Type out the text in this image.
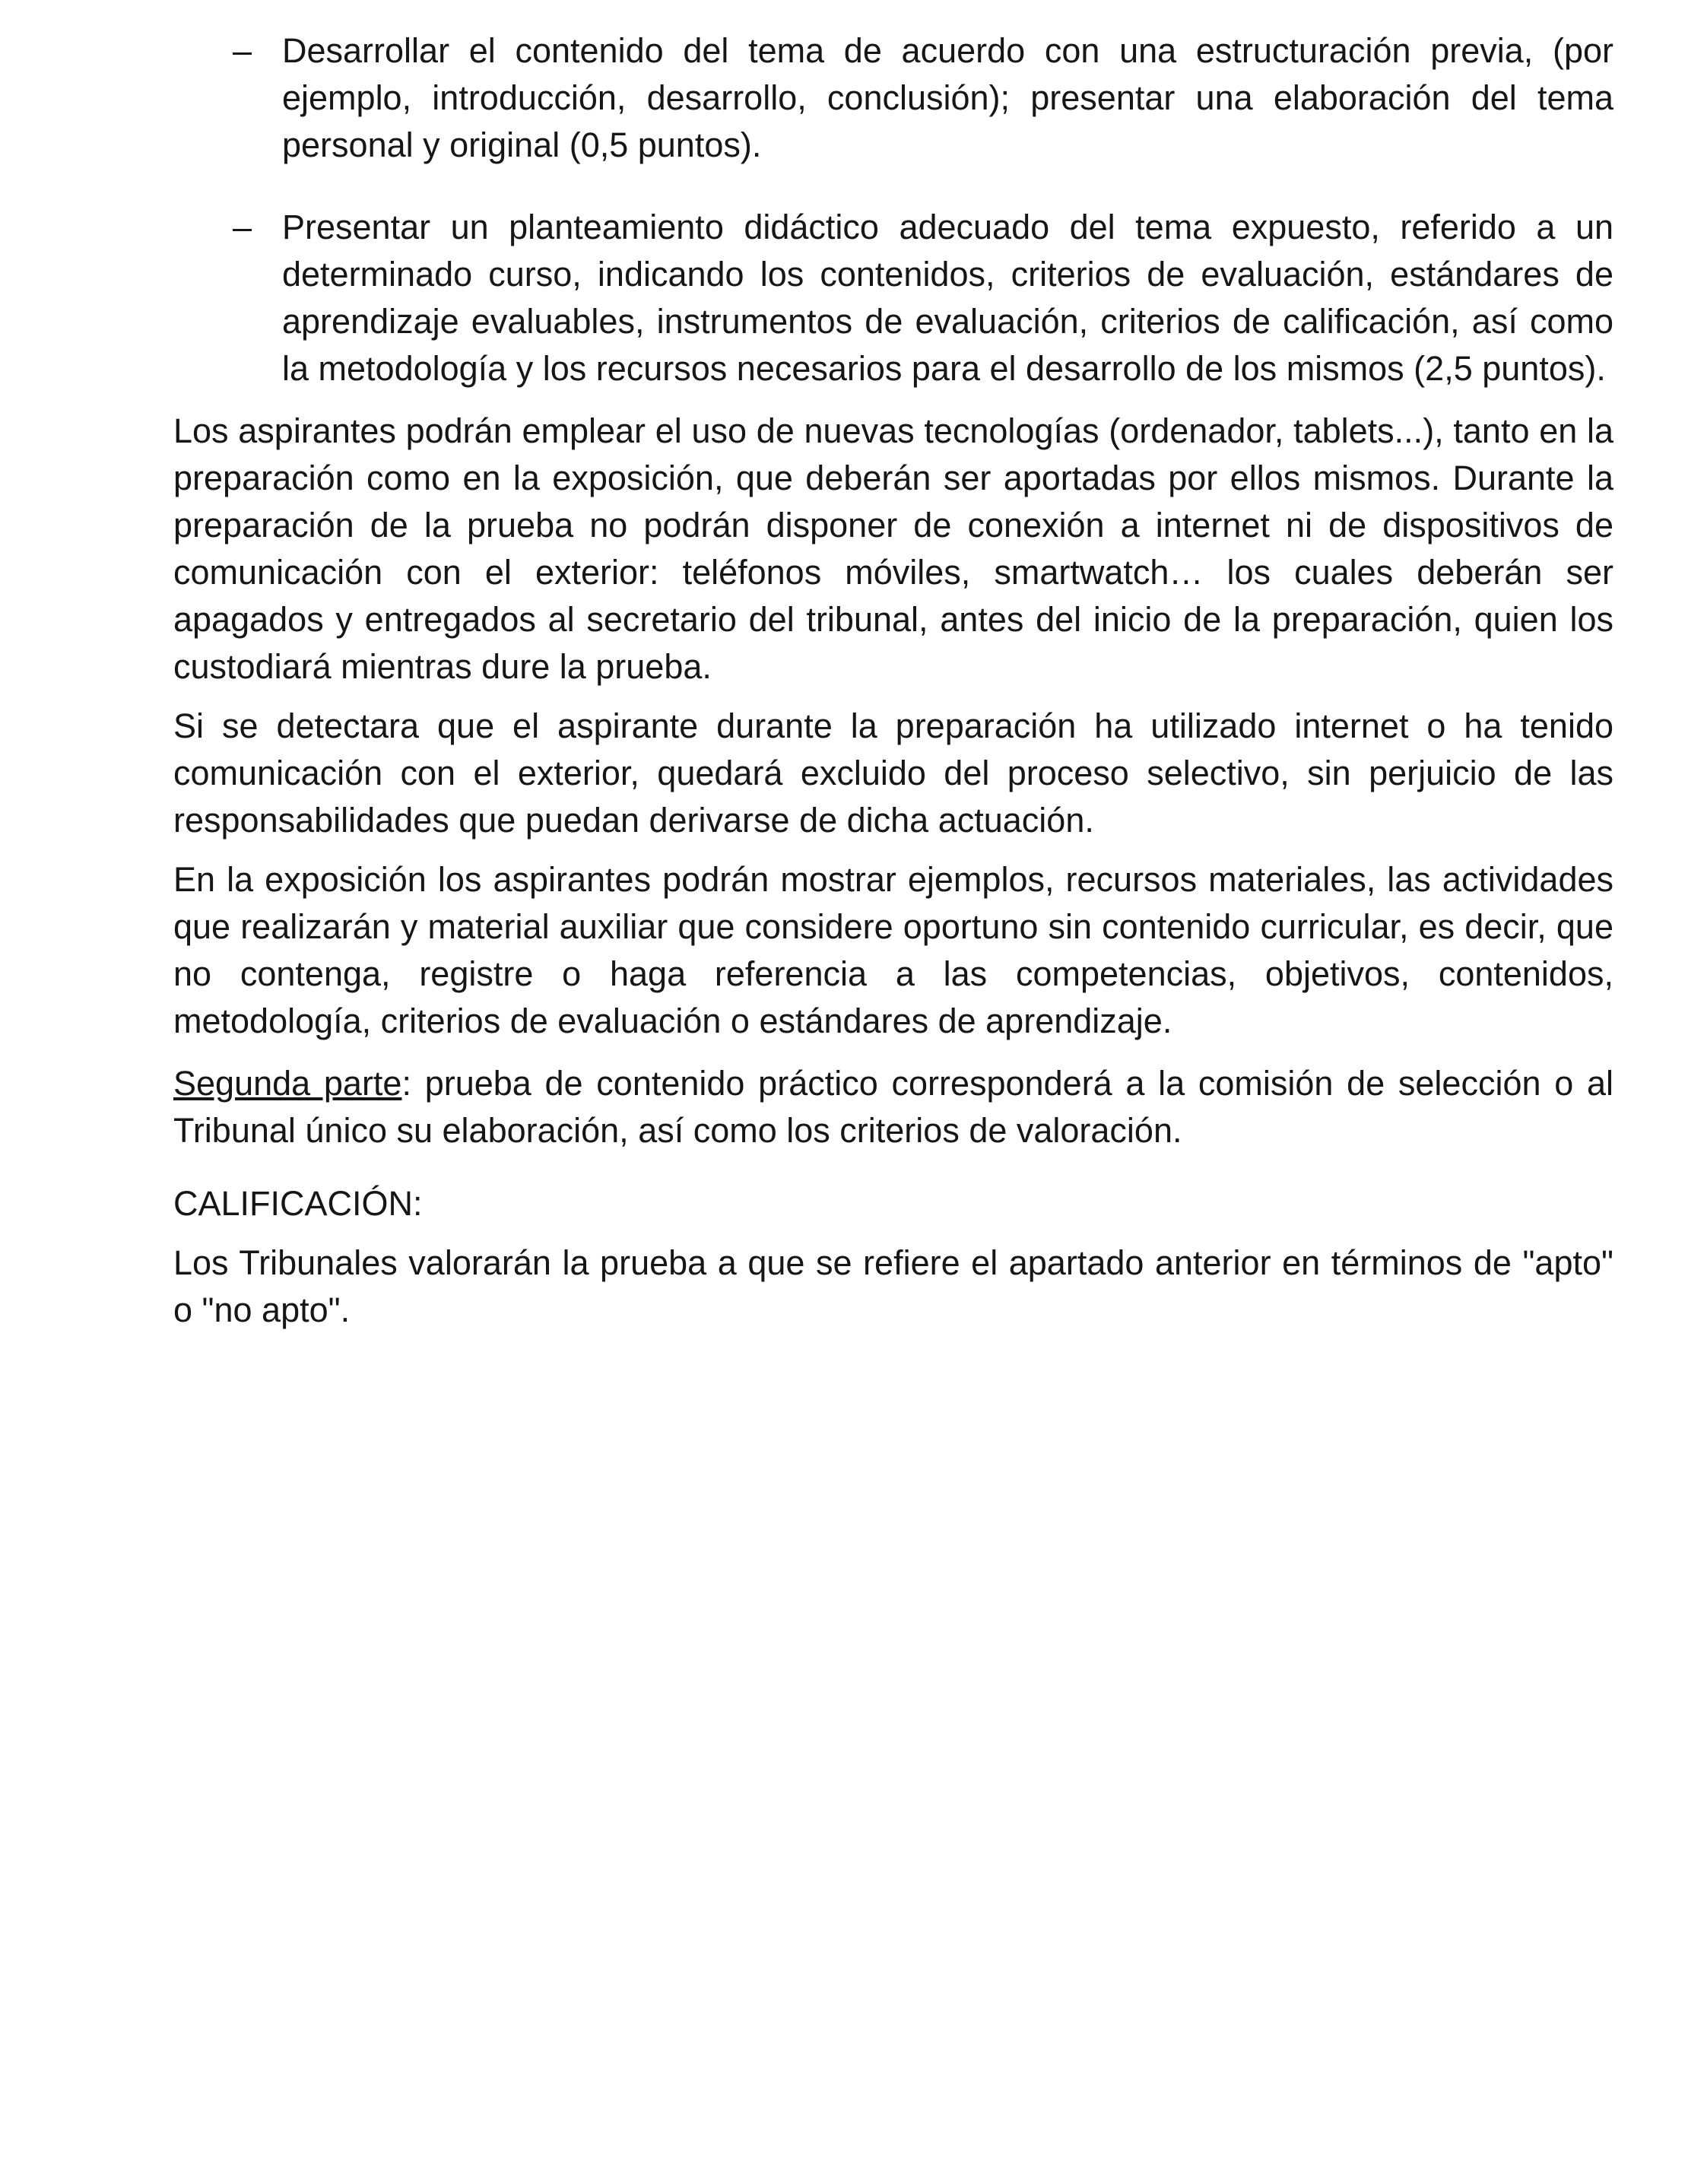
– Desarrollar el contenido del tema de acuerdo con una estructuración previa, (por ejemplo, introducción, desarrollo, conclusión); presentar una elaboración del tema personal y original (0,5 puntos).
– Presentar un planteamiento didáctico adecuado del tema expuesto, referido a un determinado curso, indicando los contenidos, criterios de evaluación, estándares de aprendizaje evaluables, instrumentos de evaluación, criterios de calificación, así como la metodología y los recursos necesarios para el desarrollo de los mismos (2,5 puntos).

Los aspirantes podrán emplear el uso de nuevas tecnologías (ordenador, tablets...), tanto en la preparación como en la exposición, que deberán ser aportadas por ellos mismos. Durante la preparación de la prueba no podrán disponer de conexión a internet ni de dispositivos de comunicación con el exterior: teléfonos móviles, smartwatch… los cuales deberán ser apagados y entregados al secretario del tribunal, antes del inicio de la preparación, quien los custodiará mientras dure la prueba.

Si se detectara que el aspirante durante la preparación ha utilizado internet o ha tenido comunicación con el exterior, quedará excluido del proceso selectivo, sin perjuicio de las responsabilidades que puedan derivarse de dicha actuación.

En la exposición los aspirantes podrán mostrar ejemplos, recursos materiales, las actividades que realizarán y material auxiliar que considere oportuno sin contenido curricular, es decir, que no contenga, registre o haga referencia a las competencias, objetivos, contenidos, metodología, criterios de evaluación o estándares de aprendizaje.

Segunda parte: prueba de contenido práctico corresponderá a la comisión de selección o al Tribunal único su elaboración, así como los criterios de valoración.

CALIFICACIÓN:

Los Tribunales valorarán la prueba a que se refiere el apartado anterior en términos de "apto" o "no apto".
